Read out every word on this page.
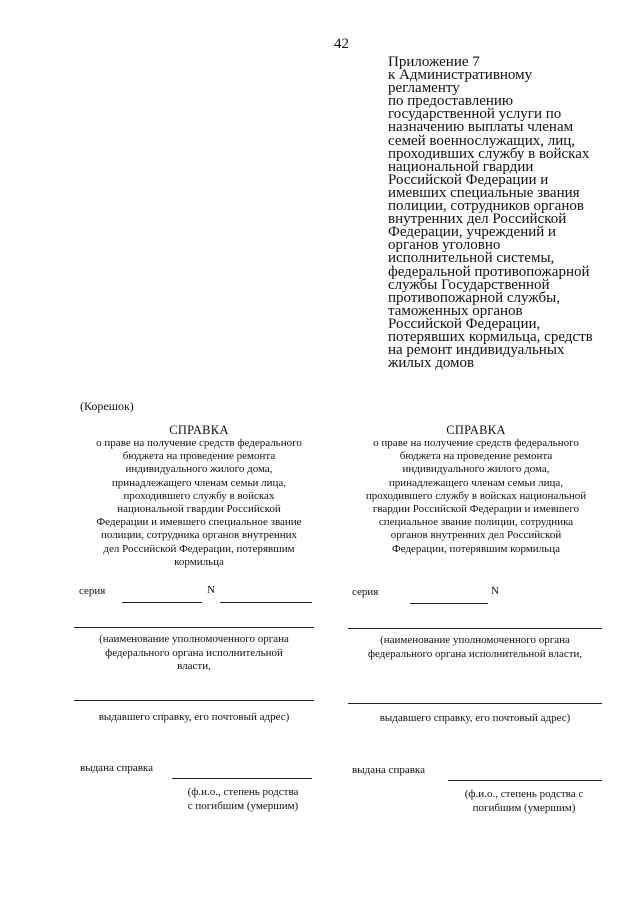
42
Приложение 7
к Административному
регламенту
по предоставлению
государственной услуги по
назначению выплаты членам
семей военнослужащих, лиц,
проходивших службу в войсках
национальной гвардии
Российской Федерации и
имевших специальные звания
полиции, сотрудников органов
внутренних дел Российской
Федерации, учреждений и
органов уголовно
исполнительной системы,
федеральной противопожарной
службы Государственной
противопожарной службы,
таможенных органов
Российской Федерации,
потерявших кормильца, средств
на ремонт индивидуальных
жилых домов
(Корешок)
СПРАВКА
о праве на получение средств федерального
бюджета на проведение ремонта
индивидуального жилого дома,
принадлежащего членам семьи лица,
проходившего службу в войсках
национальной гвардии Российской
Федерации и имевшего специальное звание
полиции, сотрудника органов внутренних
дел Российской Федерации, потерявшим
кормильца
серия	N
(наименование уполномоченного органа
федерального органа исполнительной
власти,
выдавшего справку, его почтовый адрес)
выдана справка
(ф.и.о., степень родства
с погибшим (умершим)
СПРАВКА
о праве на получение средств федерального
бюджета на проведение ремонта
индивидуального жилого дома,
принадлежащего членам семьи лица,
проходившего службу в войсках национальной
гвардии Российской Федерации и имевшего
специальное звание полиции, сотрудника
органов внутренних дел Российской
Федерации, потерявшим кормильца
серия	N
(наименование уполномоченного органа
федерального органа исполнительной власти,
выдавшего справку, его почтовый адрес)
выдана справка
(ф.и.о., степень родства с
погибшим (умершим)
